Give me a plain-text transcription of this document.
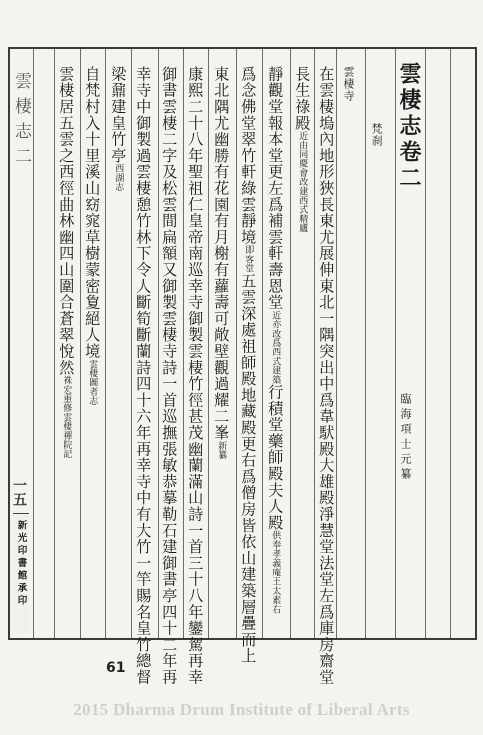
雲棲志卷二
臨海項士元纂
雲棲寺
梵刹
在雲棲塢內地形狹長東尤展伸東北一隅突出中爲韋䭾殿大雄殿淨慧堂法堂左爲庫房齋堂
長生祿殿近由同慶會改建西式精廬
靜觀堂報本堂更左爲補雲軒壽恩堂近亦改爲西式建築行積堂藥師殿夫人殿供奉孝義庵王太素右
爲念佛堂翠竹軒綠雲靜境即客堂五雲深處祖師殿地藏殿更右爲僧房皆依山建築層疊而上
東北隅尤幽勝有花園有月榭有蘿壽可敞壁觀過耀二峯新纂
康熙二十八年聖祖仁皇帝南巡幸寺御製雲棲竹徑甚茂幽蘭滿山詩一首三十八年鑾駕再幸
御書雲棲二字及松雲間扁額又御製雲棲寺詩一首巡撫張敏恭摹勒石建御書亭四十二年再
幸寺中御製過雲棲憩竹林下令人斷筍斷蘭詩四十六年再幸寺中有大竹一竿賜名皇竹總督
梁鼐建皇竹亭西湖志
自梵村入十里溪山窈窕草樹蒙密夐絕人境雲棲圖者志
雲棲居五雲之西徑曲林幽四山圍合蒼翠悅然袾宏重修雲棲禪院記
雲棲志二
一五
新光印書館承印
61
2015 Dharma Drum Institute of Liberal Arts
